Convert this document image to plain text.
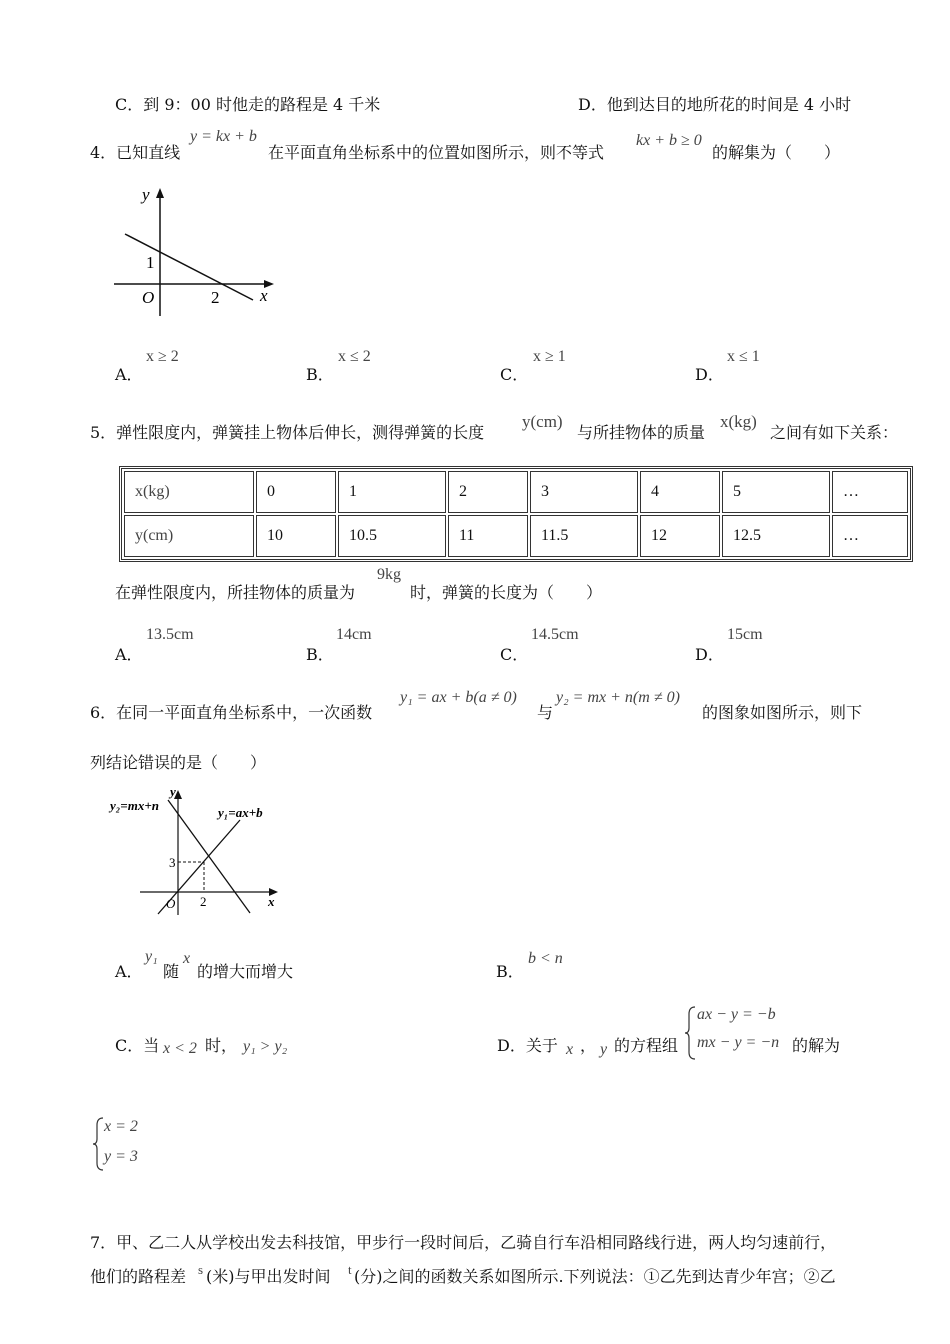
C．到 9：00 时他走的路程是 4 千米	D．他到达目的地所花的时间是 4 小时
4．已知直线
y = kx + b
在平面直角坐标系中的位置如图所示，则不等式
kx + b ≥ 0
的解集为（　　）
y
x
O
1
2
A．
x ≥ 2
B．
x ≤ 2
C．
x ≥ 1
D．
x ≤ 1
5．弹性限度内，弹簧挂上物体后伸长，测得弹簧的长度
y(cm)
与所挂物体的质量
x(kg)
之间有如下关系：
x(kg)	0	1	2	3	4	5	…
y(cm)	10	10.5	11	11.5	12	12.5	…
在弹性限度内，所挂物体的质量为
9kg
时，弹簧的长度为（　　）
A．
13.5cm
B．
14cm
C．
14.5cm
D．
15cm
6．在同一平面直角坐标系中，一次函数
y₁ = ax + b(a ≠ 0)
与
y₂ = mx + n(m ≠ 0)
的图象如图所示，则下
列结论错误的是（　　）
y₂=mx+n	y₁=ax+b
y
x
O
3
2
A．
y₁
随
x
的增大而增大	B．
b < n
C．当 x < 2 时， y₁ > y₂	D．关于 x ， y 的方程组
ax − y = −b
mx − y = −n 的解为
x = 2
y = 3
7．甲、乙二人从学校出发去科技馆，甲步行一段时间后，乙骑自行车沿相同路线行进，两人均匀速前行，
他们的路程差 s (米)与甲出发时间 t (分)之间的函数关系如图所示.下列说法：①乙先到达青少年宫；②乙
